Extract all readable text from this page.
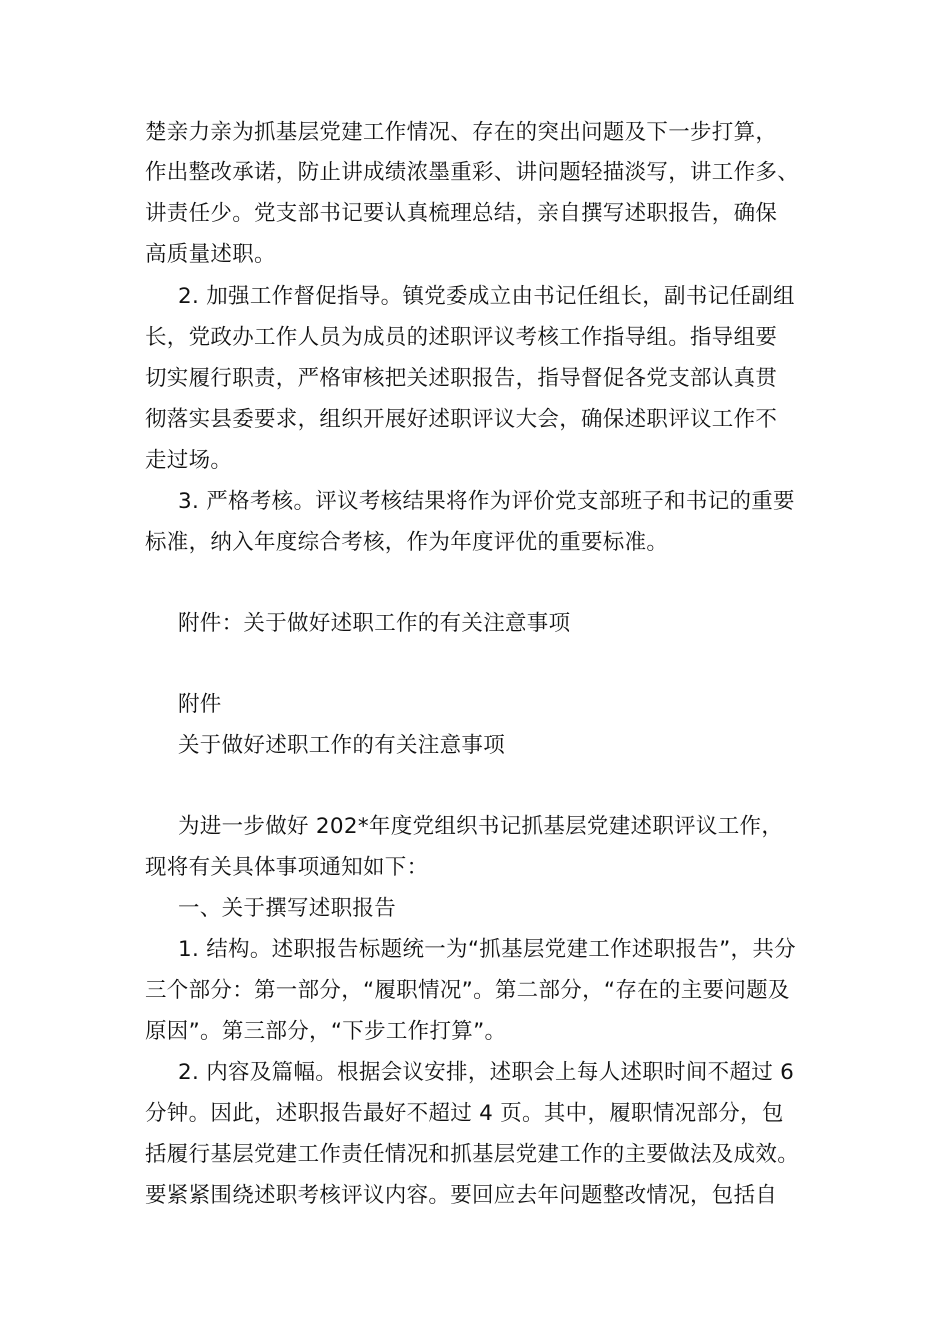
楚亲力亲为抓基层党建工作情况、存在的突出问题及下一步打算，
作出整改承诺，防止讲成绩浓墨重彩、讲问题轻描淡写，讲工作多、
讲责任少。党支部书记要认真梳理总结，亲自撰写述职报告，确保
高质量述职。
2. 加强工作督促指导。镇党委成立由书记任组长，副书记任副组
长，党政办工作人员为成员的述职评议考核工作指导组。指导组要
切实履行职责，严格审核把关述职报告，指导督促各党支部认真贯
彻落实县委要求，组织开展好述职评议大会，确保述职评议工作不
走过场。
3. 严格考核。评议考核结果将作为评价党支部班子和书记的重要
标准，纳入年度综合考核，作为年度评优的重要标准。
附件：关于做好述职工作的有关注意事项
附件
关于做好述职工作的有关注意事项
为进一步做好 202*年度党组织书记抓基层党建述职评议工作，
现将有关具体事项通知如下：
一、关于撰写述职报告
1. 结构。述职报告标题统一为“抓基层党建工作述职报告”，共分
三个部分：第一部分，“履职情况”。第二部分，“存在的主要问题及
原因”。第三部分，“下步工作打算”。
2. 内容及篇幅。根据会议安排，述职会上每人述职时间不超过 6
分钟。因此，述职报告最好不超过 4 页。其中，履职情况部分，包
括履行基层党建工作责任情况和抓基层党建工作的主要做法及成效。
要紧紧围绕述职考核评议内容。要回应去年问题整改情况，包括自
